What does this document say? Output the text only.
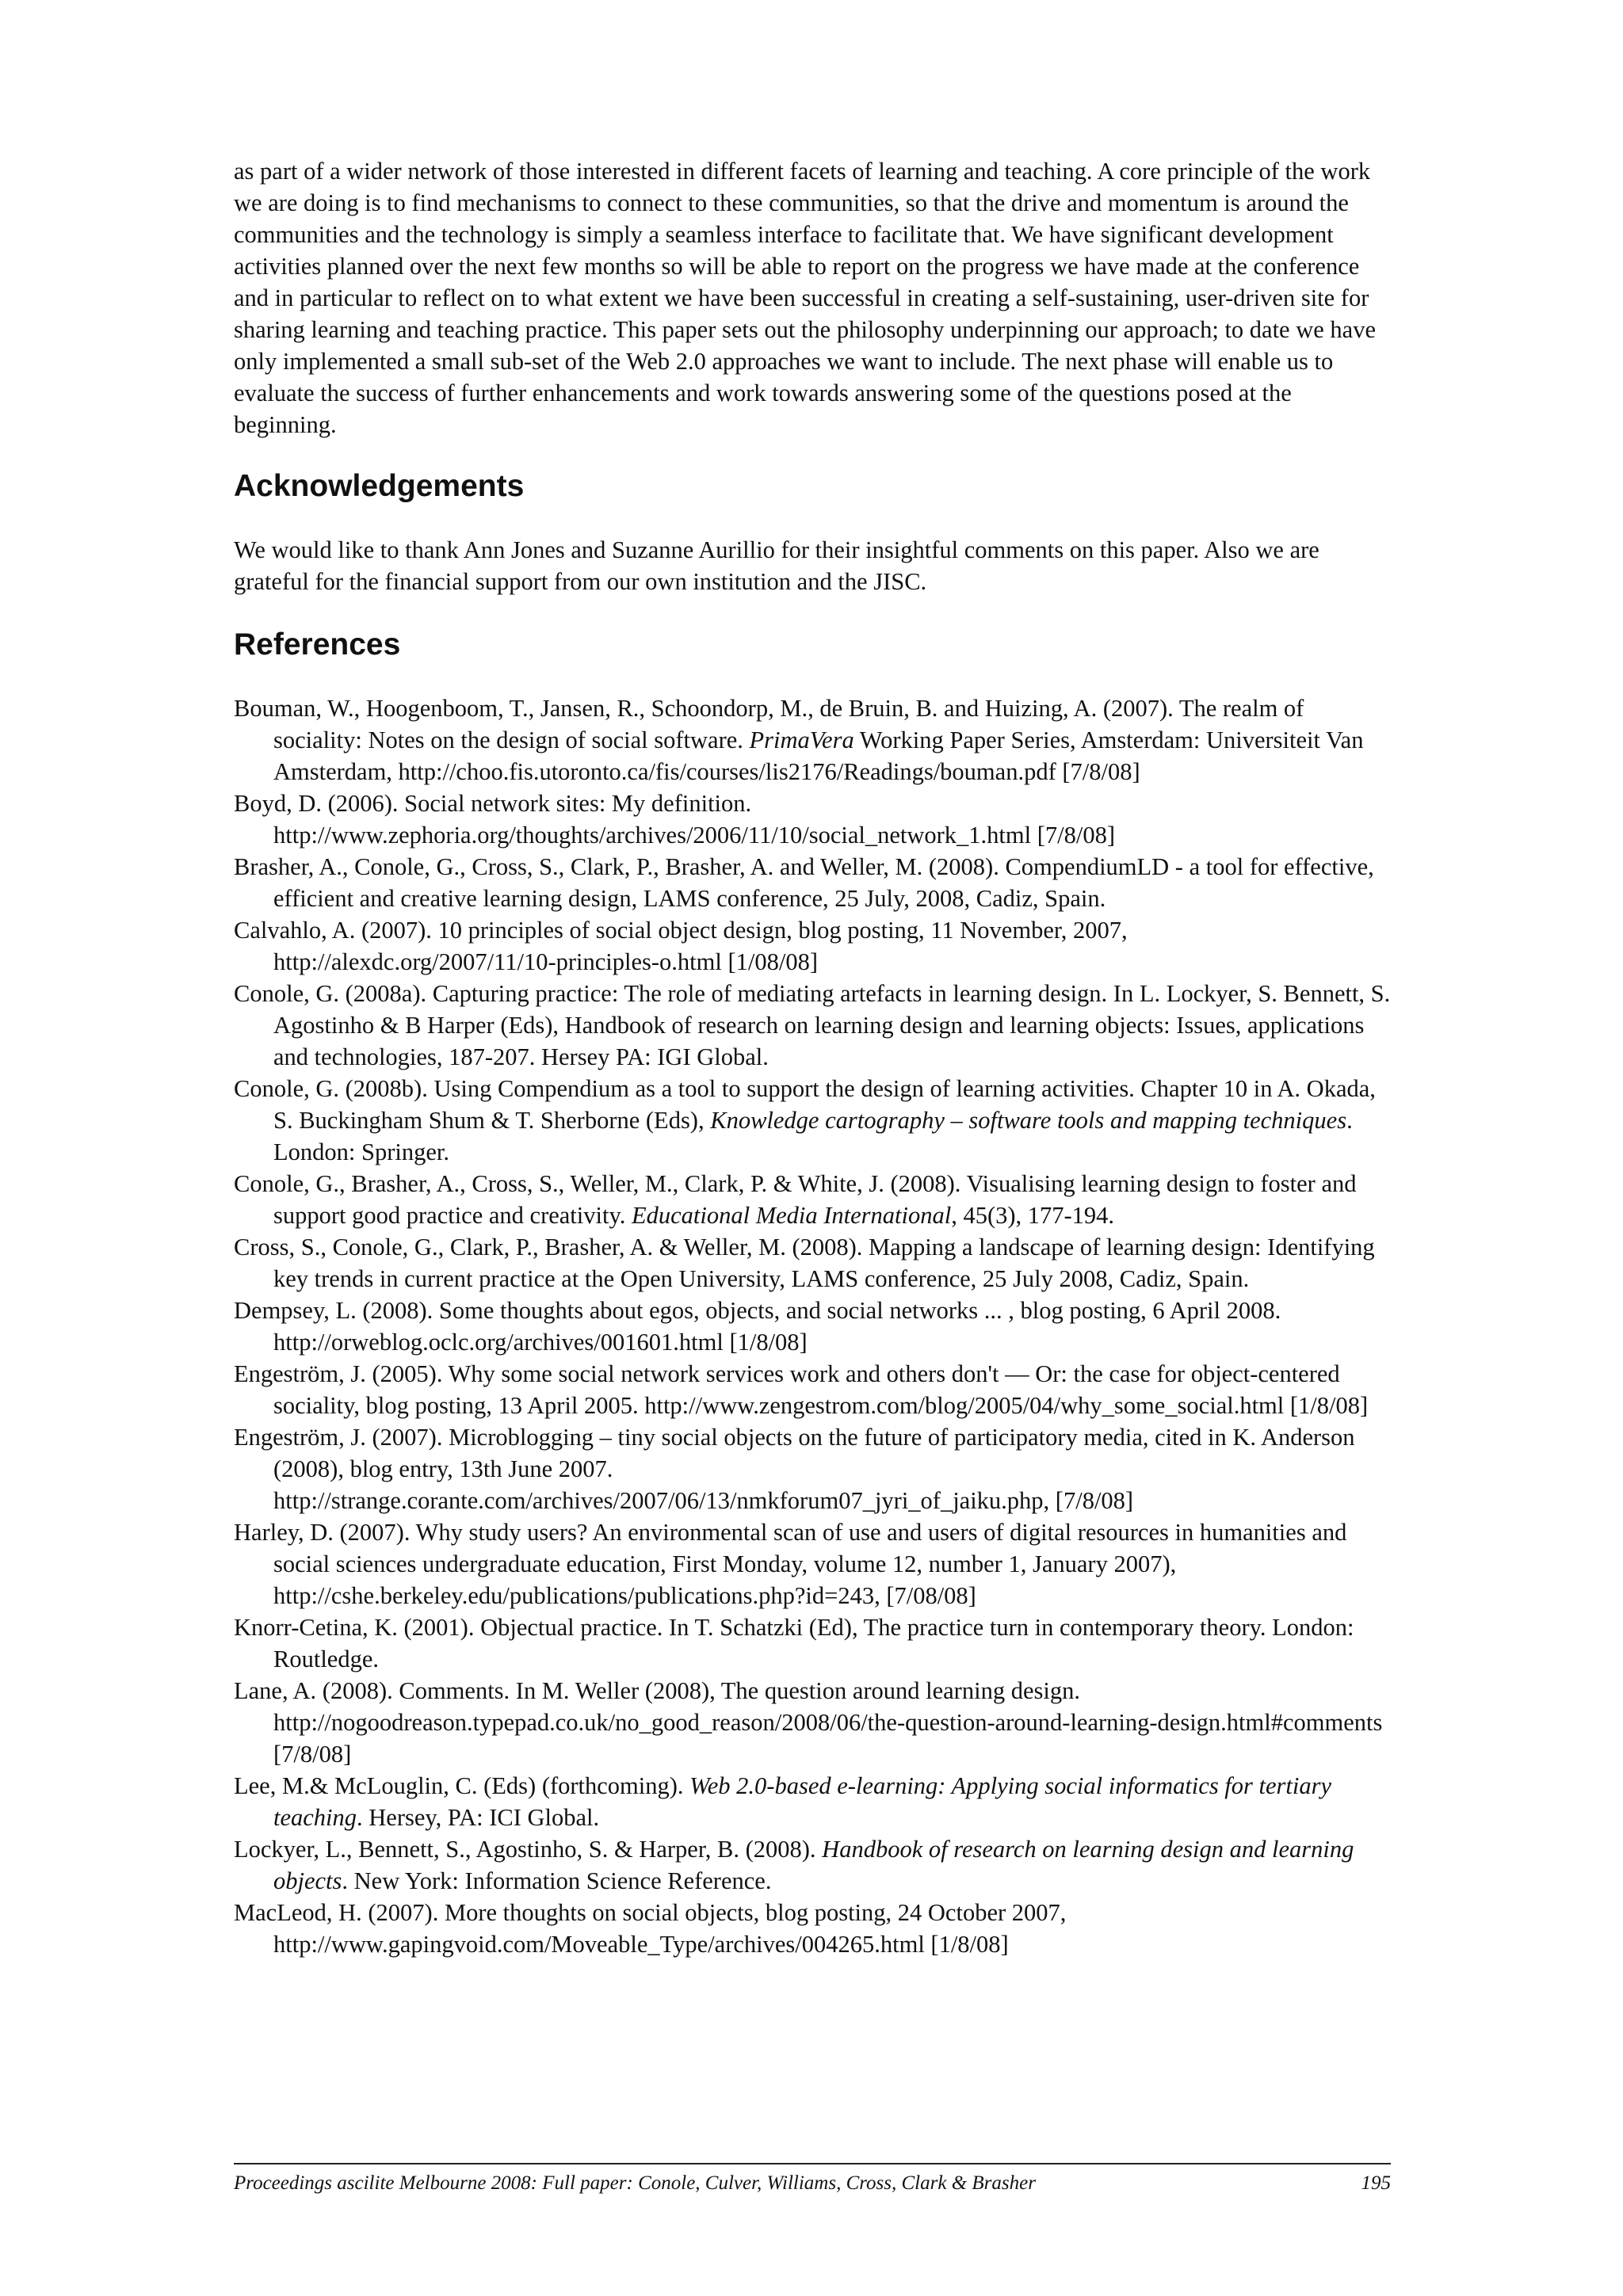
as part of a wider network of those interested in different facets of learning and teaching. A core principle of the work we are doing is to find mechanisms to connect to these communities, so that the drive and momentum is around the communities and the technology is simply a seamless interface to facilitate that. We have significant development activities planned over the next few months so will be able to report on the progress we have made at the conference and in particular to reflect on to what extent we have been successful in creating a self-sustaining, user-driven site for sharing learning and teaching practice. This paper sets out the philosophy underpinning our approach; to date we have only implemented a small sub-set of the Web 2.0 approaches we want to include. The next phase will enable us to evaluate the success of further enhancements and work towards answering some of the questions posed at the beginning.

Acknowledgements

We would like to thank Ann Jones and Suzanne Aurillio for their insightful comments on this paper. Also we are grateful for the financial support from our own institution and the JISC.

References

Bouman, W., Hoogenboom, T., Jansen, R., Schoondorp, M., de Bruin, B. and Huizing, A. (2007). The realm of sociality: Notes on the design of social software. PrimaVera Working Paper Series, Amsterdam: Universiteit Van Amsterdam, http://choo.fis.utoronto.ca/fis/courses/lis2176/Readings/bouman.pdf [7/8/08]

Boyd, D. (2006). Social network sites: My definition. http://www.zephoria.org/thoughts/archives/2006/11/10/social_network_1.html [7/8/08]

Brasher, A., Conole, G., Cross, S., Clark, P., Brasher, A. and Weller, M. (2008). CompendiumLD - a tool for effective, efficient and creative learning design, LAMS conference, 25 July, 2008, Cadiz, Spain.

Calvahlo, A. (2007). 10 principles of social object design, blog posting, 11 November, 2007, http://alexdc.org/2007/11/10-principles-o.html [1/08/08]

Conole, G. (2008a). Capturing practice: The role of mediating artefacts in learning design. In L. Lockyer, S. Bennett, S. Agostinho & B Harper (Eds), Handbook of research on learning design and learning objects: Issues, applications and technologies, 187-207. Hersey PA: IGI Global.

Conole, G. (2008b). Using Compendium as a tool to support the design of learning activities. Chapter 10 in A. Okada, S. Buckingham Shum & T. Sherborne (Eds), Knowledge cartography – software tools and mapping techniques. London: Springer.

Conole, G., Brasher, A., Cross, S., Weller, M., Clark, P. & White, J. (2008). Visualising learning design to foster and support good practice and creativity. Educational Media International, 45(3), 177-194.

Cross, S., Conole, G., Clark, P., Brasher, A. & Weller, M. (2008). Mapping a landscape of learning design: Identifying key trends in current practice at the Open University, LAMS conference, 25 July 2008, Cadiz, Spain.

Dempsey, L. (2008). Some thoughts about egos, objects, and social networks ... , blog posting, 6 April 2008. http://orweblog.oclc.org/archives/001601.html [1/8/08]

Engeström, J. (2005). Why some social network services work and others don't — Or: the case for object-centered sociality, blog posting, 13 April 2005. http://www.zengestrom.com/blog/2005/04/why_some_social.html [1/8/08]

Engeström, J. (2007). Microblogging – tiny social objects on the future of participatory media, cited in K. Anderson (2008), blog entry, 13th June 2007. http://strange.corante.com/archives/2007/06/13/nmkforum07_jyri_of_jaiku.php, [7/8/08]

Harley, D. (2007). Why study users? An environmental scan of use and users of digital resources in humanities and social sciences undergraduate education, First Monday, volume 12, number 1, January 2007), http://cshe.berkeley.edu/publications/publications.php?id=243, [7/08/08]

Knorr-Cetina, K. (2001). Objectual practice. In T. Schatzki (Ed), The practice turn in contemporary theory. London: Routledge.

Lane, A. (2008). Comments. In M. Weller (2008), The question around learning design. http://nogoodreason.typepad.co.uk/no_good_reason/2008/06/the-question-around-learning-design.html#comments [7/8/08]

Lee, M.& McLouglin, C. (Eds) (forthcoming). Web 2.0-based e-learning: Applying social informatics for tertiary teaching. Hersey, PA: ICI Global.

Lockyer, L., Bennett, S., Agostinho, S. & Harper, B. (2008). Handbook of research on learning design and learning objects. New York: Information Science Reference.

MacLeod, H. (2007). More thoughts on social objects, blog posting, 24 October 2007, http://www.gapingvoid.com/Moveable_Type/archives/004265.html [1/8/08]

Proceedings ascilite Melbourne 2008: Full paper: Conole, Culver, Williams, Cross, Clark & Brasher	195
